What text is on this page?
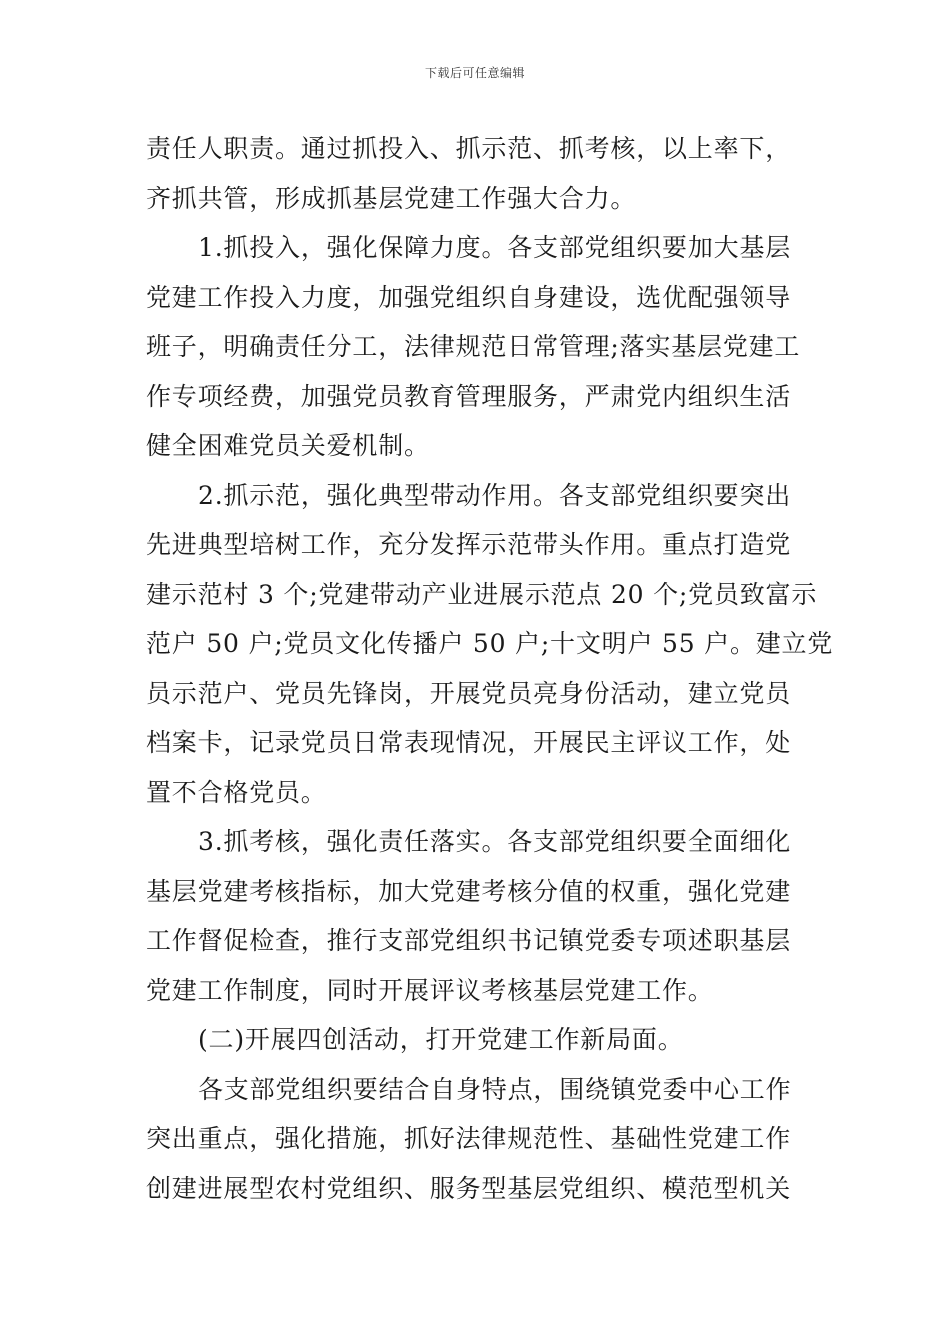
下载后可任意编辑
责任人职责。通过抓投入、抓示范、抓考核，以上率下，
齐抓共管，形成抓基层党建工作强大合力。
1.抓投入，强化保障力度。各支部党组织要加大基层
党建工作投入力度，加强党组织自身建设，选优配强领导
班子，明确责任分工，法律规范日常管理;落实基层党建工
作专项经费，加强党员教育管理服务，严肃党内组织生活
健全困难党员关爱机制。
2.抓示范，强化典型带动作用。各支部党组织要突出
先进典型培树工作，充分发挥示范带头作用。重点打造党
建示范村 3 个;党建带动产业进展示范点 20 个;党员致富示
范户 50 户;党员文化传播户 50 户;十文明户 55 户。建立党
员示范户、党员先锋岗，开展党员亮身份活动，建立党员
档案卡，记录党员日常表现情况，开展民主评议工作，处
置不合格党员。
3.抓考核，强化责任落实。各支部党组织要全面细化
基层党建考核指标，加大党建考核分值的权重，强化党建
工作督促检查，推行支部党组织书记镇党委专项述职基层
党建工作制度，同时开展评议考核基层党建工作。
(二)开展四创活动，打开党建工作新局面。
各支部党组织要结合自身特点，围绕镇党委中心工作
突出重点，强化措施，抓好法律规范性、基础性党建工作
创建进展型农村党组织、服务型基层党组织、模范型机关
